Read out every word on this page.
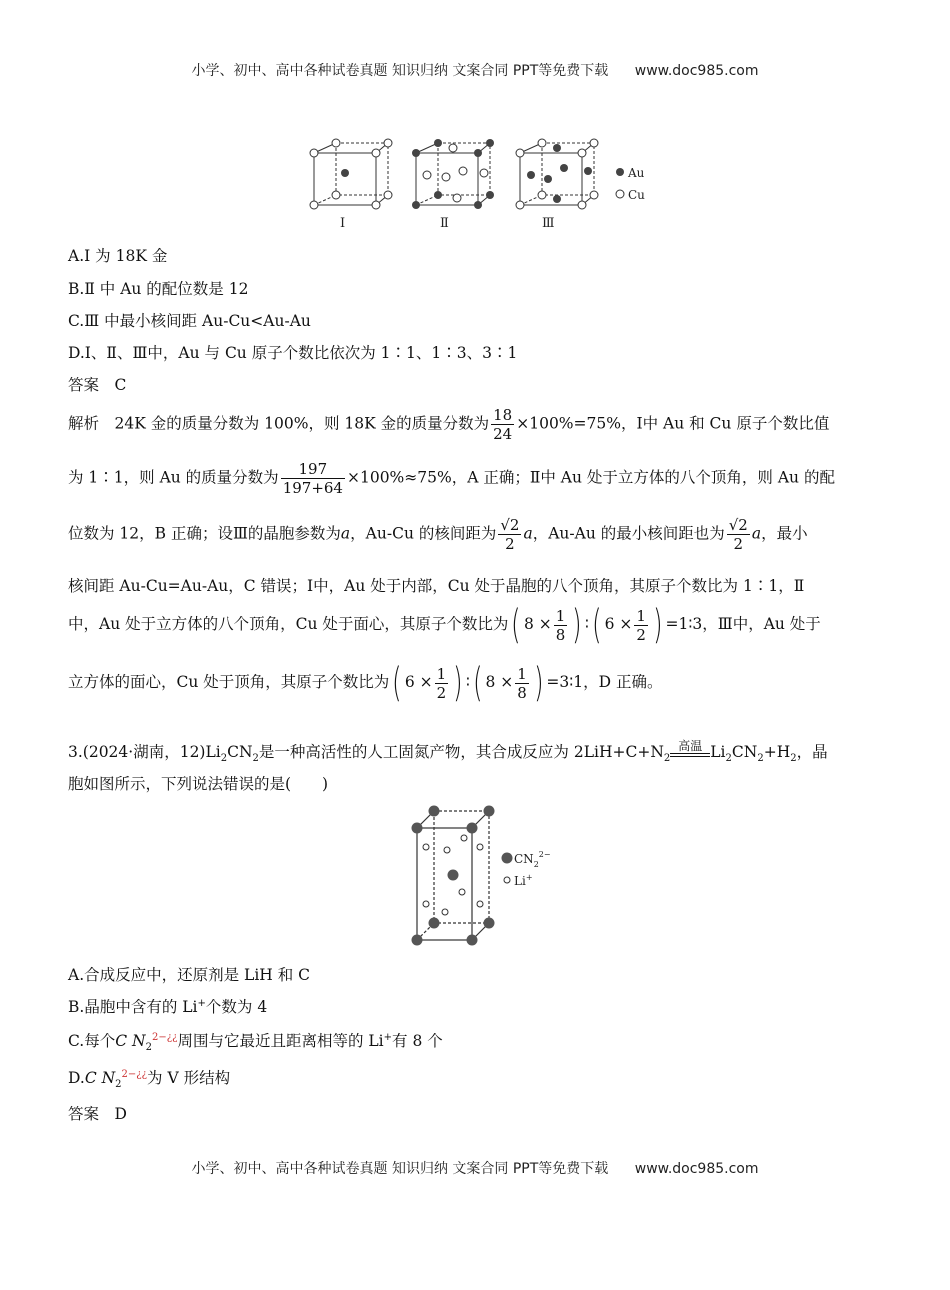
小学、初中、高中各种试卷真题 知识归纳 文案合同 PPT等免费下载 www.doc985.com
Ⅰ	Ⅱ	Ⅲ
Au
Cu
A.Ⅰ 为 18K 金
B.Ⅱ 中 Au 的配位数是 12
C.Ⅲ 中最小核间距 Au-Cu<Au-Au
D.Ⅰ、Ⅱ、Ⅲ中，Au 与 Cu 原子个数比依次为 1∶1、1∶3、3∶1
答案　C
解析　24K 金的质量分数为 100%，则 18K 金的质量分数为 $\frac{18}{24} \times 100\%=75\%$，Ⅰ中 Au 和 Cu 原子个数比值
为 1∶1，则 Au 的质量分数为 $\frac{197}{197+64} \times 100\%\approx 75\%$，A 正确；Ⅱ中 Au 处于立方体的八个顶角，则 Au 的配
位数为 12，B 正确；设Ⅲ的晶胞参数为a，Au-Cu 的核间距为 $\frac{√2}{2}$ a，Au-Au 的最小核间距也为 $\frac{√2}{2}$ a，最小
核间距 Au-Cu=Au-Au，C 错误；Ⅰ中，Au 处于内部，Cu 处于晶胞的八个顶角，其原子个数比为 1∶1，Ⅱ
中，Au 处于立方体的八个顶角，Cu 处于面心，其原子个数比为( $8 \times \frac{1}{8}$ ) ∶( $6 \times \frac{1}{2}$ ) =1∶3，Ⅲ中，Au 处于
立方体的面心，Cu 处于顶角，其原子个数比为( $6 \times \frac{1}{2}$ ) ∶( $8 \times \frac{1}{8}$ ) =3∶1，D 正确。
3.(2024·湖南，$12)Li_2CN_2$是一种高活性的人工固氮产物，其合成反应为 $2LiH+C+N_2$
高温 $Li_2CN_2+H_2$，晶
胞如图所示，下列说法错误的是(　　)
$CN_2^{2-}$
Li+
A.合成反应中，还原剂是 LiH 和 C
B.晶胞中含有的 Li+个数为 4
C.每个C $N_2^{2-¿¿}$周围与它最近且距离相等的 Li+有 8 个
D.C $N_2^{2-¿¿}$为 V 形结构
答案　D
小学、初中、高中各种试卷真题 知识归纳 文案合同 PPT等免费下载 www.doc985.com
